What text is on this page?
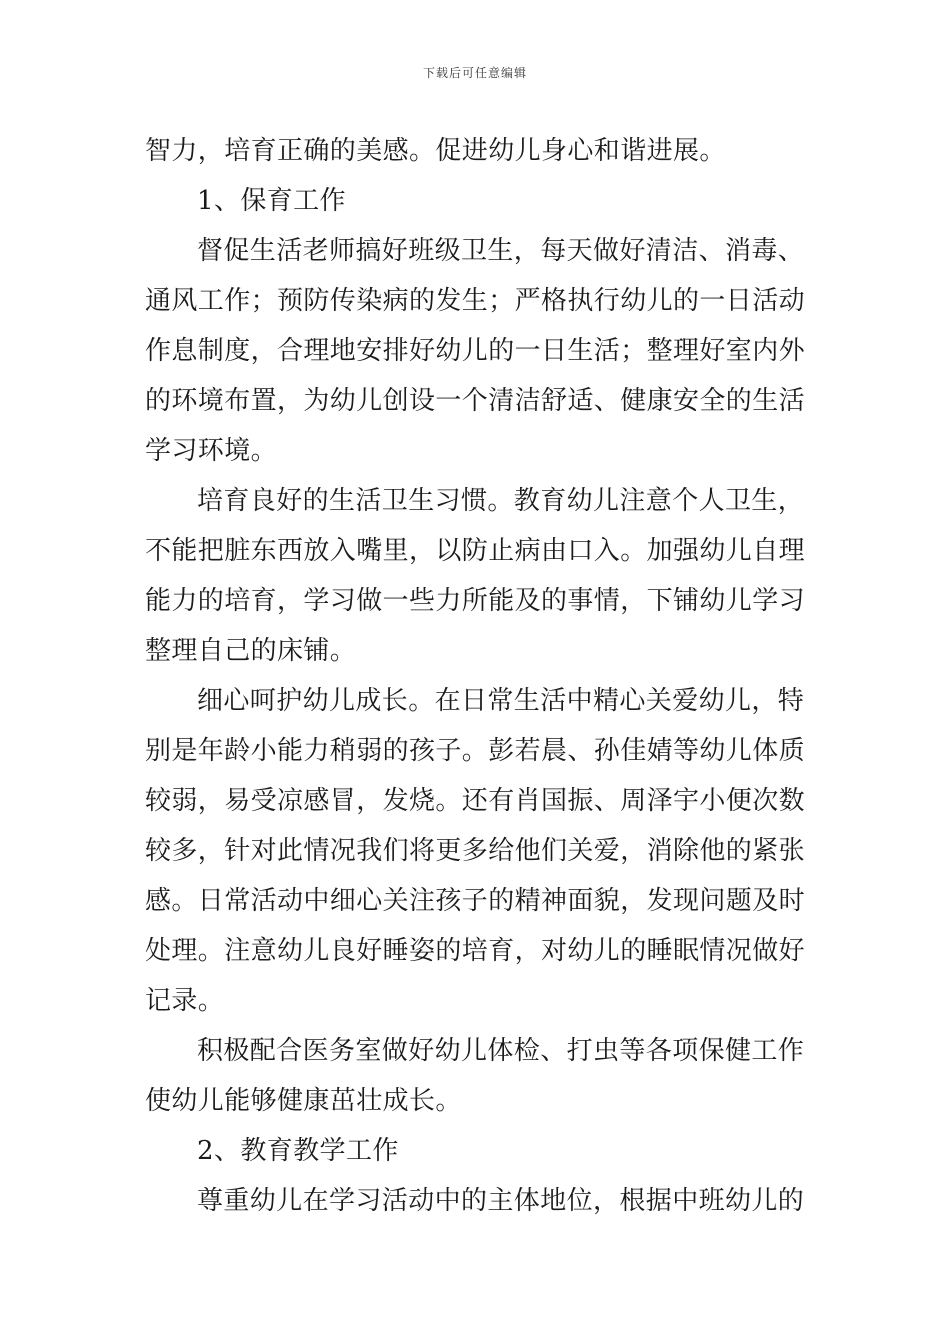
下载后可任意编辑
智力，培育正确的美感。促进幼儿身心和谐进展。
1、保育工作
督促生活老师搞好班级卫生，每天做好清洁、消毒、
通风工作；预防传染病的发生；严格执行幼儿的一日活动
作息制度，合理地安排好幼儿的一日生活；整理好室内外
的环境布置，为幼儿创设一个清洁舒适、健康安全的生活
学习环境。
培育良好的生活卫生习惯。教育幼儿注意个人卫生，
不能把脏东西放入嘴里，以防止病由口入。加强幼儿自理
能力的培育，学习做一些力所能及的事情，下铺幼儿学习
整理自己的床铺。
细心呵护幼儿成长。在日常生活中精心关爱幼儿，特
别是年龄小能力稍弱的孩子。彭若晨、孙佳婧等幼儿体质
较弱，易受凉感冒，发烧。还有肖国振、周泽宇小便次数
较多，针对此情况我们将更多给他们关爱，消除他的紧张
感。日常活动中细心关注孩子的精神面貌，发现问题及时
处理。注意幼儿良好睡姿的培育，对幼儿的睡眠情况做好
记录。
积极配合医务室做好幼儿体检、打虫等各项保健工作
使幼儿能够健康茁壮成长。
2、教育教学工作
尊重幼儿在学习活动中的主体地位，根据中班幼儿的
